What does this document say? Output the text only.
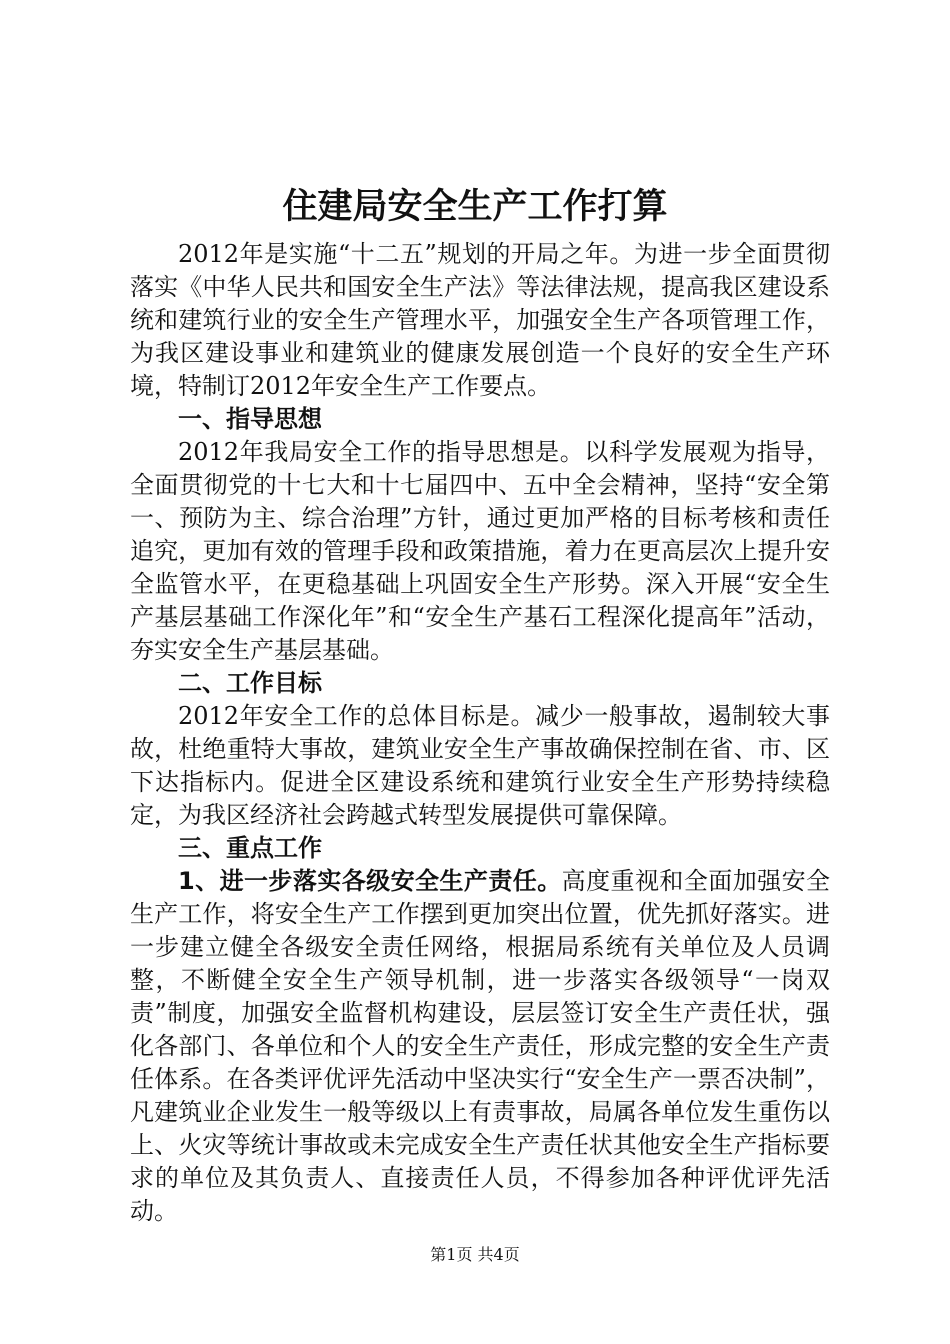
住建局安全生产工作打算

2012年是实施“十二五”规划的开局之年。为进一步全面贯彻落实《中华人民共和国安全生产法》等法律法规，提高我区建设系统和建筑行业的安全生产管理水平，加强安全生产各项管理工作，为我区建设事业和建筑业的健康发展创造一个良好的安全生产环境，特制订2012年安全生产工作要点。

一、指导思想

2012年我局安全工作的指导思想是。以科学发展观为指导，全面贯彻党的十七大和十七届四中、五中全会精神，坚持“安全第一、预防为主、综合治理”方针，通过更加严格的目标考核和责任追究，更加有效的管理手段和政策措施，着力在更高层次上提升安全监管水平，在更稳基础上巩固安全生产形势。深入开展“安全生产基层基础工作深化年”和“安全生产基石工程深化提高年”活动，夯实安全生产基层基础。

二、工作目标

2012年安全工作的总体目标是。减少一般事故，遏制较大事故，杜绝重特大事故，建筑业安全生产事故确保控制在省、市、区下达指标内。促进全区建设系统和建筑行业安全生产形势持续稳定，为我区经济社会跨越式转型发展提供可靠保障。

三、重点工作

1、进一步落实各级安全生产责任。高度重视和全面加强安全生产工作，将安全生产工作摆到更加突出位置，优先抓好落实。进一步建立健全各级安全责任网络，根据局系统有关单位及人员调整，不断健全安全生产领导机制，进一步落实各级领导“一岗双责”制度，加强安全监督机构建设，层层签订安全生产责任状，强化各部门、各单位和个人的安全生产责任，形成完整的安全生产责任体系。在各类评优评先活动中坚决实行“安全生产一票否决制”，凡建筑业企业发生一般等级以上有责事故，局属各单位发生重伤以上、火灾等统计事故或未完成安全生产责任状其他安全生产指标要求的单位及其负责人、直接责任人员，不得参加各种评优评先活动。

第1页 共4页
